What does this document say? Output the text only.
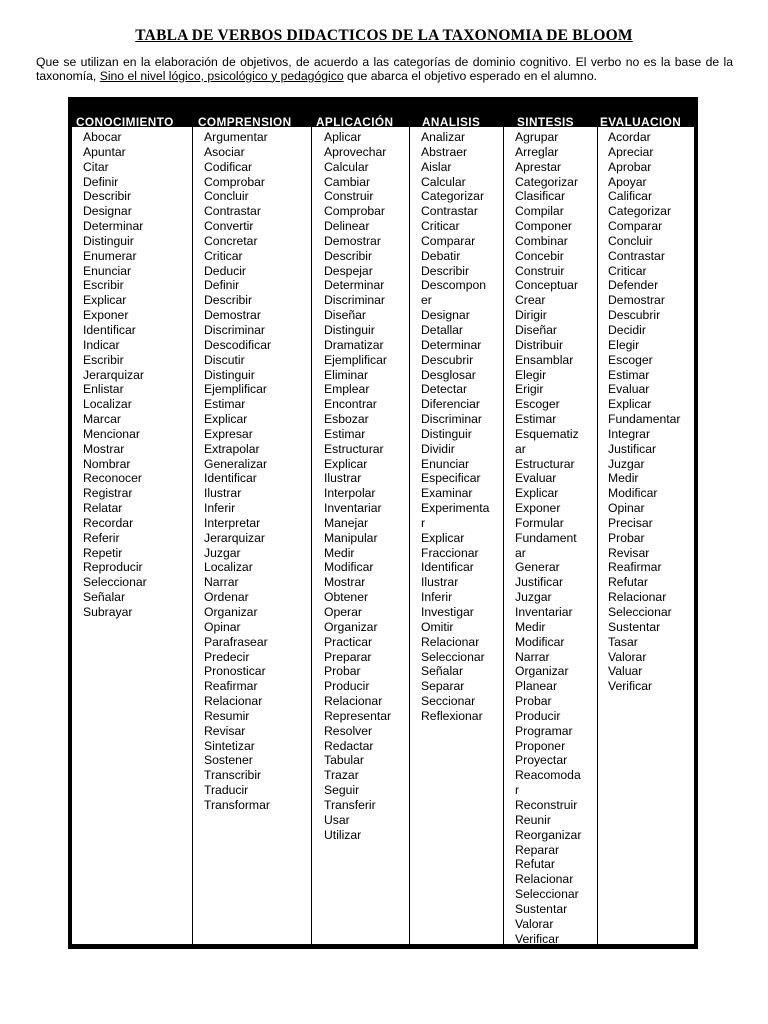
TABLA DE VERBOS DIDACTICOS DE LA TAXONOMIA DE BLOOM
Que se utilizan en la elaboración de objetivos, de acuerdo a las categorías de dominio cognitivo. El verbo no es la base de la taxonomía, Sino el nivel lógico, psicológico y pedagógico que abarca el objetivo esperado en el alumno.
CONOCIMIENTO COMPRENSION APLICACIÓN ANALISIS	SINTESIS EVALUACION
Abocar
Apuntar
Citar
Definir
Describir
Designar
Determinar
Distinguir
Enumerar
Enunciar
Escribir
Explicar
Exponer
Identificar
Indicar
Escribir
Jerarquizar
Enlistar
Localizar
Marcar
Mencionar
Mostrar
Nombrar
Reconocer
Registrar
Relatar
Recordar
Referir
Repetir
Reproducir
Seleccionar
Señalar
Subrayar
Argumentar
Asociar
Codificar
Comprobar
Concluir
Contrastar
Convertir
Concretar
Criticar
Deducir
Definir
Describir
Demostrar
Discriminar
Descodificar
Discutir
Distinguir
Ejemplificar
Estimar
Explicar
Expresar
Extrapolar
Generalizar
Identificar
Ilustrar
Inferir
Interpretar
Jerarquizar
Juzgar
Localizar
Narrar
Ordenar
Organizar
Opinar
Parafrasear
Predecir
Pronosticar
Reafirmar
Relacionar
Resumir
Revisar
Sintetizar
Sostener
Transcribir
Traducir
Transformar
Aplicar
Aprovechar
Calcular
Cambiar
Construir
Comprobar
Delinear
Demostrar
Describir
Despejar
Determinar
Discriminar
Diseñar
Distinguir
Dramatizar
Ejemplificar
Eliminar
Emplear
Encontrar
Esbozar
Estimar
Estructurar
Explicar
Ilustrar
Interpolar
Inventariar
Manejar
Manipular
Medir
Modificar
Mostrar
Obtener
Operar
Organizar
Practicar
Preparar
Probar
Producir
Relacionar
Representar
Resolver
Redactar
Tabular
Trazar
Seguir
Transferir
Usar
Utilizar
Analizar
Abstraer
Aislar
Calcular
Categorizar
Contrastar
Criticar
Comparar
Debatir
Describir
Descompon
er
Designar
Detallar
Determinar
Descubrir
Desglosar
Detectar
Diferenciar
Discriminar
Distinguir
Dividir
Enunciar
Especificar
Examinar
Experimenta
r
Explicar
Fraccionar
Identificar
Ilustrar
Inferir
Investigar
Omitir
Relacionar
Seleccionar
Señalar
Separar
Seccionar
Reflexionar
Agrupar
Arreglar
Aprestar
Categorizar
Clasificar
Compilar
Componer
Combinar
Concebir
Construir
Conceptuar
Crear
Dirigir
Diseñar
Distribuir
Ensamblar
Elegir
Erigir
Escoger
Estimar
Esquematiz
ar
Estructurar
Evaluar
Explicar
Exponer
Formular
Fundament
ar
Generar
Justificar
Juzgar
Inventariar
Medir
Modificar
Narrar
Organizar
Planear
Probar
Producir
Programar
Proponer
Proyectar
Reacomoda
r
Reconstruir
Reunir
Reorganizar
Reparar
Refutar
Relacionar
Seleccionar
Sustentar
Valorar
Verificar
Acordar
Apreciar
Aprobar
Apoyar
Calificar
Categorizar
Comparar
Concluir
Contrastar
Criticar
Defender
Demostrar
Descubrir
Decidir
Elegir
Escoger
Estimar
Evaluar
Explicar
Fundamentar
Integrar
Justificar
Juzgar
Medir
Modificar
Opinar
Precisar
Probar
Revisar
Reafirmar
Refutar
Relacionar
Seleccionar
Sustentar
Tasar
Valorar
Valuar
Verificar
